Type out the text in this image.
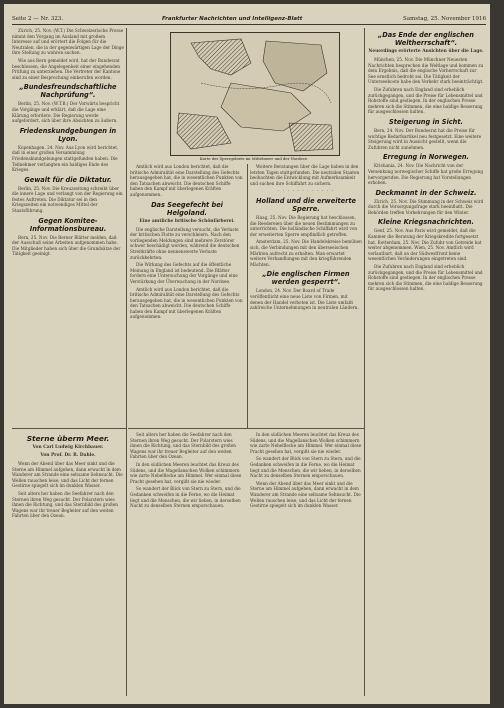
Seite 2 — Nr. 323.	Frankfurter Nachrichten und Intelligenz-Blatt	Samstag, 25. November 1916

Zürich, 25. Nov. (W.T.) Die Schweizerische Presse nimmt den Vorgang im Ausland mit großem Interesse auf und erörtert die Folgen für die Neutralen, die in der gegenwärtigen Lage der Dinge ihre Stellung zu wahren suchen.

Wie aus Bern gemeldet wird, hat der Bundesrat beschlossen, die Angelegenheit einer eingehenden Prüfung zu unterziehen. Die Vertreter der Kantone sind zu einer Besprechung einberufen worden.

„Bundesfreundschaftliche Nachprüfung“.

Berlin, 25. Nov. (W.T.B.) Der Vorwärts bespricht die Vorgänge und erklärt, daß die Lage eine Klärung erfordere. Die Regierung werde aufgefordert, sich über ihre Absichten zu äußern.

Friedenskundgebungen in Lyon.

Kopenhagen, 24. Nov. Aus Lyon wird berichtet, daß in einer großen Versammlung Friedenskundgebungen stattgefunden haben. Die Teilnehmer verlangten ein baldiges Ende des Krieges.

Gewalt für die Diktatur.

Berlin, 25. Nov. Die Kreuzzeitung schreibt über die innere Lage und verlangt von der Regierung ein festes Auftreten. Die Diktatur sei in den Kriegszeiten ein notwendiges Mittel der Staatsführung.

Gegen Komitee-Informationsbureau.

Bern, 25. Nov. Die Berner Blätter melden, daß der Ausschuß seine Arbeiten aufgenommen habe. Die Mitglieder haben sich über die Grundsätze der Tätigkeit geeinigt.

Sterne überm Meer.
Von Carl Ludwig Kirchbauer.
Von Prof. Dr. R. Dahle.

Wenn der Abend über das Meer sinkt und die Sterne am Himmel aufgehen, dann erwacht in dem Wanderer am Strande eine seltsame Sehnsucht. Die Wellen rauschen leise, und das Licht der fernen Gestirne spiegelt sich im dunklen Wasser.

Seit alters her haben die Seefahrer nach den Sternen ihren Weg gesucht. Der Polarstern wies ihnen die Richtung, und das Sternbild des großen Wagens war ihr treuer Begleiter auf den weiten Fahrten über den Ozean.

Seit alters her haben die Seefahrer nach den Sternen ihren Weg gesucht. Der Polarstern wies ihnen die Richtung, und das Sternbild des großen Wagens war ihr treuer Begleiter auf den weiten Fahrten über den Ozean.

In den südlichen Meeren leuchtet das Kreuz des Südens, und die Magellanschen Wolken schimmern wie zarte Nebelflecke am Himmel. Wer einmal diese Pracht gesehen hat, vergißt sie nie wieder.

So wandert der Blick von Stern zu Stern, und die Gedanken schweifen in die Ferne, wo die Heimat liegt und die Menschen, die wir lieben, in derselben Nacht zu denselben Sternen emporschauen.

In den südlichen Meeren leuchtet das Kreuz des Südens, und die Magellanschen Wolken schimmern wie zarte Nebelflecke am Himmel. Wer einmal diese Pracht gesehen hat, vergißt sie nie wieder.

So wandert der Blick von Stern zu Stern, und die Gedanken schweifen in die Ferne, wo die Heimat liegt und die Menschen, die wir lieben, in derselben Nacht zu denselben Sternen emporschauen.

Wenn der Abend über das Meer sinkt und die Sterne am Himmel aufgehen, dann erwacht in dem Wanderer am Strande eine seltsame Sehnsucht. Die Wellen rauschen leise, und das Licht der fernen Gestirne spiegelt sich im dunklen Wasser.

Karte des Sperrgebiets im Mittelmeer und der Nordsee.

Amtlich wird aus London berichtet, daß die britische Admiralität eine Darstellung des Gefechts herausgegeben hat, die in wesentlichen Punkten von den Tatsachen abweicht. Die deutschen Schiffe haben den Kampf mit überlegenen Kräften aufgenommen.

Das Seegefecht bei Helgoland.
Eine amtliche britische Schönfärberei.

Die englische Darstellung versucht, die Verluste der britischen Flotte zu verschleiern. Nach den vorliegenden Meldungen sind mehrere Zerstörer schwer beschädigt worden, während die deutschen Streitkräfte ohne nennenswerte Verluste zurückkehrten.

Die Wirkung des Gefechts auf die öffentliche Meinung in England ist bedeutend. Die Blätter fordern eine Untersuchung der Vorgänge und eine Verstärkung der Überwachung in der Nordsee.

Amtlich wird aus London berichtet, daß die britische Admiralität eine Darstellung des Gefechts herausgegeben hat, die in wesentlichen Punkten von den Tatsachen abweicht. Die deutschen Schiffe haben den Kampf mit überlegenen Kräften aufgenommen.

Weitere Beratungen über die Lage haben in den letzten Tagen stattgefunden. Die neutralen Staaten beobachten die Entwicklung mit Aufmerksamkeit und suchen ihre Schiffahrt zu sichern.

. . . . . . . . . . . .
Holland und die erweiterte Sperre.

Haag, 25. Nov. Die Regierung hat beschlossen, die Reedereien über die neuen Bestimmungen zu unterrichten. Die holländische Schiffahrt wird von der erweiterten Sperre empfindlich getroffen.

Amsterdam, 25. Nov. Die Handelskreise bemühen sich, die Verbindungen mit den überseeischen Märkten aufrecht zu erhalten. Man erwartet weitere Verhandlungen mit den kriegführenden Mächten.

„Die englischen Firmen werden gesperrt“.

London, 24. Nov. Der Board of Trade veröffentlicht eine neue Liste von Firmen, mit denen der Handel verboten ist. Die Liste umfaßt zahlreiche Unternehmungen in neutralen Ländern.

„Das Ende der englischen Weltherrschaft“.
Neuerdings erörterte Ansichten über die Lage.

München, 25. Nov. Die Münchner Neuesten Nachrichten besprechen die Weltlage und kommen zu dem Ergebnis, daß die englische Vorherrschaft zur See ernstlich bedroht sei. Die Tätigkeit der Unterseeboote habe den Verkehr stark beeinträchtigt.

Die Zufuhren nach England sind erheblich zurückgegangen, und die Preise für Lebensmittel und Rohstoffe sind gestiegen. In der englischen Presse mehren sich die Stimmen, die eine baldige Besserung für ausgeschlossen halten.

Steigerung in Sicht.

Bern, 24. Nov. Der Bundesrat hat die Preise für wichtige Bedarfsartikel neu festgesetzt. Eine weitere Steigerung wird in Aussicht gestellt, wenn die Zufuhren nicht zunehmen.

Erregung in Norwegen.

Kristiania, 24. Nov. Die Nachricht von der Versenkung norwegischer Schiffe hat große Erregung hervorgerufen. Die Regierung hat Vorstellungen erhoben.

Deckmannt in der Schweiz.

Zürich, 25. Nov. Die Stimmung in der Schweiz wird durch die Versorgungsfrage stark beeinflußt. Die Behörden treffen Vorkehrungen für den Winter.

Kleine Kriegsnachrichten.

Genf, 25. Nov. Aus Paris wird gemeldet, daß die Kammer die Beratung der Kriegskredite fortgesetzt hat. Rotterdam, 25. Nov. Die Zufuhr von Getreide hat weiter abgenommen. Wien, 25. Nov. Amtlich wird verlautbart, daß an der Südwestfront keine wesentlichen Veränderungen eingetreten sind.

Die Zufuhren nach England sind erheblich zurückgegangen, und die Preise für Lebensmittel und Rohstoffe sind gestiegen. In der englischen Presse mehren sich die Stimmen, die eine baldige Besserung für ausgeschlossen halten.
